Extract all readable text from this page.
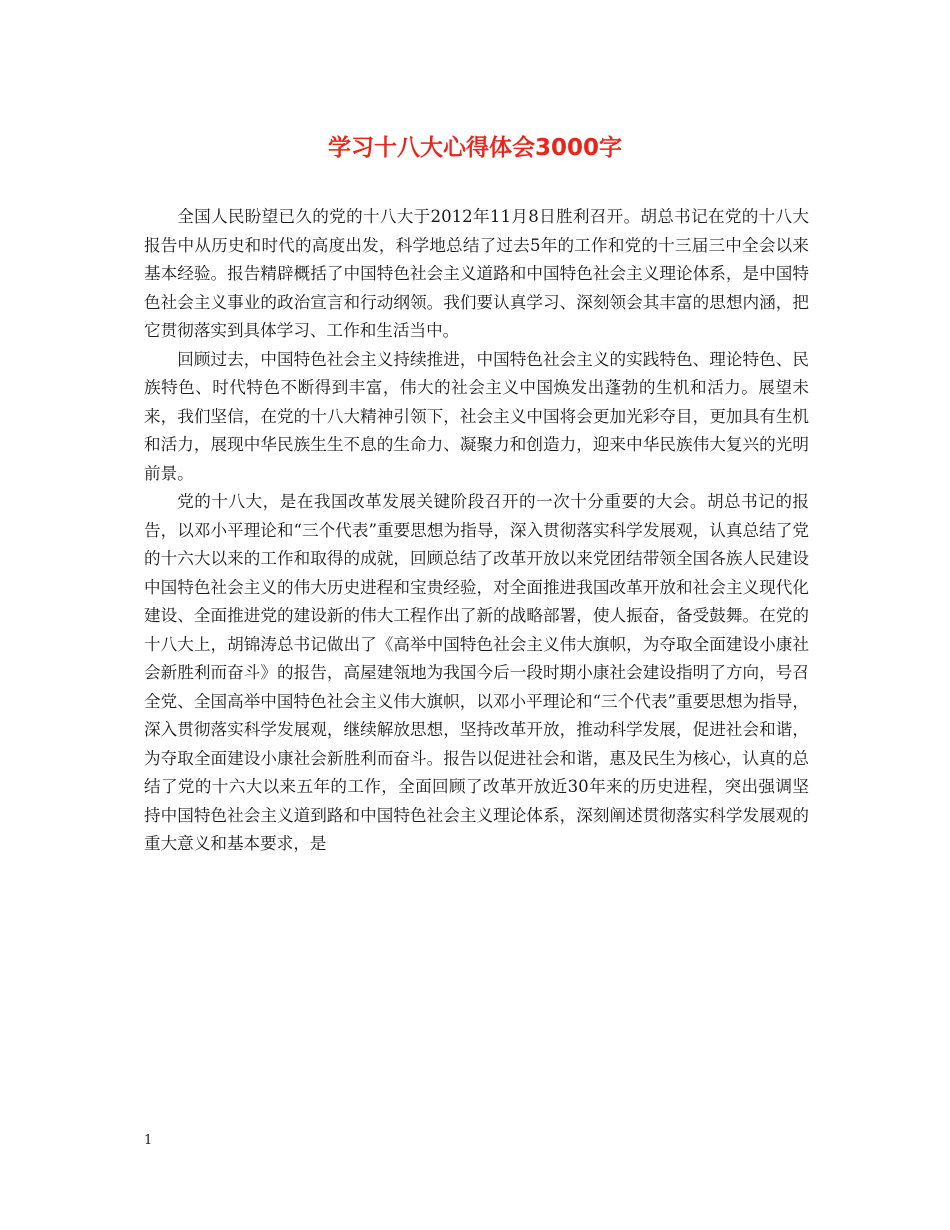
学习十八大心得体会3000字

全国人民盼望已久的党的十八大于2012年11月8日胜利召开。胡总书记在党的十八大报告中从历史和时代的高度出发，科学地总结了过去5年的工作和党的十三届三中全会以来基本经验。报告精辟概括了中国特色社会主义道路和中国特色社会主义理论体系，是中国特色社会主义事业的政治宣言和行动纲领。我们要认真学习、深刻领会其丰富的思想内涵，把它贯彻落实到具体学习、工作和生活当中。

回顾过去，中国特色社会主义持续推进，中国特色社会主义的实践特色、理论特色、民族特色、时代特色不断得到丰富，伟大的社会主义中国焕发出蓬勃的生机和活力。展望未来，我们坚信，在党的十八大精神引领下，社会主义中国将会更加光彩夺目，更加具有生机和活力，展现中华民族生生不息的生命力、凝聚力和创造力，迎来中华民族伟大复兴的光明前景。

党的十八大，是在我国改革发展关键阶段召开的一次十分重要的大会。胡总书记的报告，以邓小平理论和“三个代表”重要思想为指导，深入贯彻落实科学发展观，认真总结了党的十六大以来的工作和取得的成就，回顾总结了改革开放以来党团结带领全国各族人民建设中国特色社会主义的伟大历史进程和宝贵经验，对全面推进我国改革开放和社会主义现代化建设、全面推进党的建设新的伟大工程作出了新的战略部署，使人振奋，备受鼓舞。在党的十八大上，胡锦涛总书记做出了《高举中国特色社会主义伟大旗帜，为夺取全面建设小康社会新胜利而奋斗》的报告，高屋建瓴地为我国今后一段时期小康社会建设指明了方向，号召全党、全国高举中国特色社会主义伟大旗帜，以邓小平理论和“三个代表”重要思想为指导，深入贯彻落实科学发展观，继续解放思想，坚持改革开放，推动科学发展，促进社会和谐，为夺取全面建设小康社会新胜利而奋斗。报告以促进社会和谐，惠及民生为核心，认真的总结了党的十六大以来五年的工作，全面回顾了改革开放近30年来的历史进程，突出强调坚持中国特色社会主义道到路和中国特色社会主义理论体系，深刻阐述贯彻落实科学发展观的重大意义和基本要求，是

1
